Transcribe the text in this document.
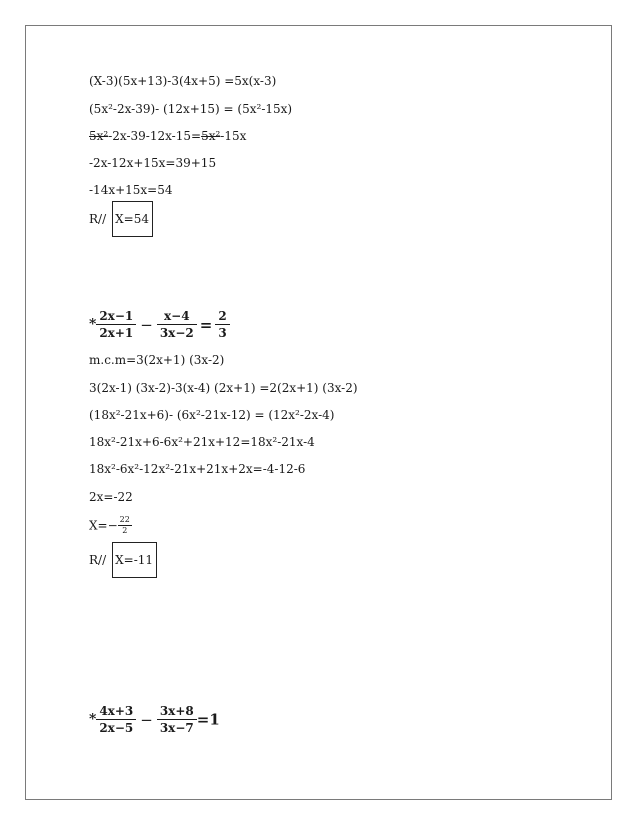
(X-3)(5x+13)-3(4x+5) =5x(x-3)
(5x²-2x-39)- (12x+15) = (5x²-15x)
5x²-2x-39-12x-15=5x²-15x
-2x-12x+15x=39+15
-14x+15x=54
R// X=54
* $\frac{2x-1}{2x+1} - \frac{x-4}{3x-2} = \frac{2}{3}$
m.c.m=3(2x+1) (3x-2)
3(2x-1) (3x-2)-3(x-4) (2x+1) =2(2x+1) (3x-2)
(18x²-21x+6)- (6x²-21x-12) = (12x²-2x-4)
18x²-21x+6-6x²+21x+12=18x²-21x-4
18x²-6x²-12x²-21x+21x+2x=-4-12-6
2x=-22
$X=- \frac{22}{2}$
R// X=-11
* $\frac{4x+3}{2x-5} - \frac{3x+8}{3x-7} =1$
